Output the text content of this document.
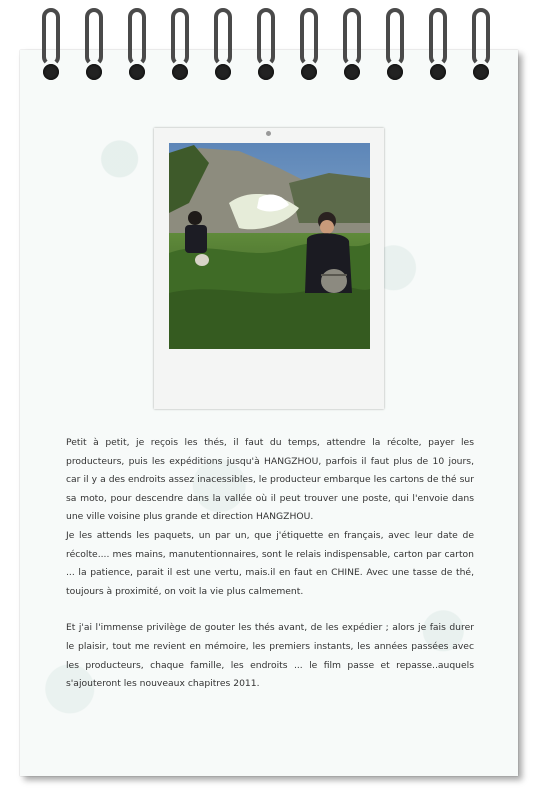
Petit à petit, je reçois les thés, il faut du temps, attendre la récolte, payer les producteurs, puis les expéditions jusqu'à HANGZHOU, parfois il faut plus de 10 jours, car il y a des endroits assez inacessibles, le producteur embarque les cartons de thé sur sa moto, pour descendre dans la vallée où il peut trouver une poste, qui l'envoie dans une ville voisine plus grande et direction HANGZHOU.

Je les attends les paquets, un par un, que j'étiquette en français, avec leur date de récolte.... mes mains, manutentionnaires, sont le relais indispensable, carton par carton ... la patience, parait il est une vertu, mais.il en faut en CHINE. Avec une tasse de thé, toujours à proximité, on voit la vie plus calmement.

Et j'ai l'immense privilège de gouter les thés avant, de les expédier ; alors je fais durer le plaisir, tout me revient en mémoire, les premiers instants, les années passées avec les producteurs, chaque famille, les endroits ... le film passe et repasse..auquels s'ajouteront les nouveaux chapitres 2011.
